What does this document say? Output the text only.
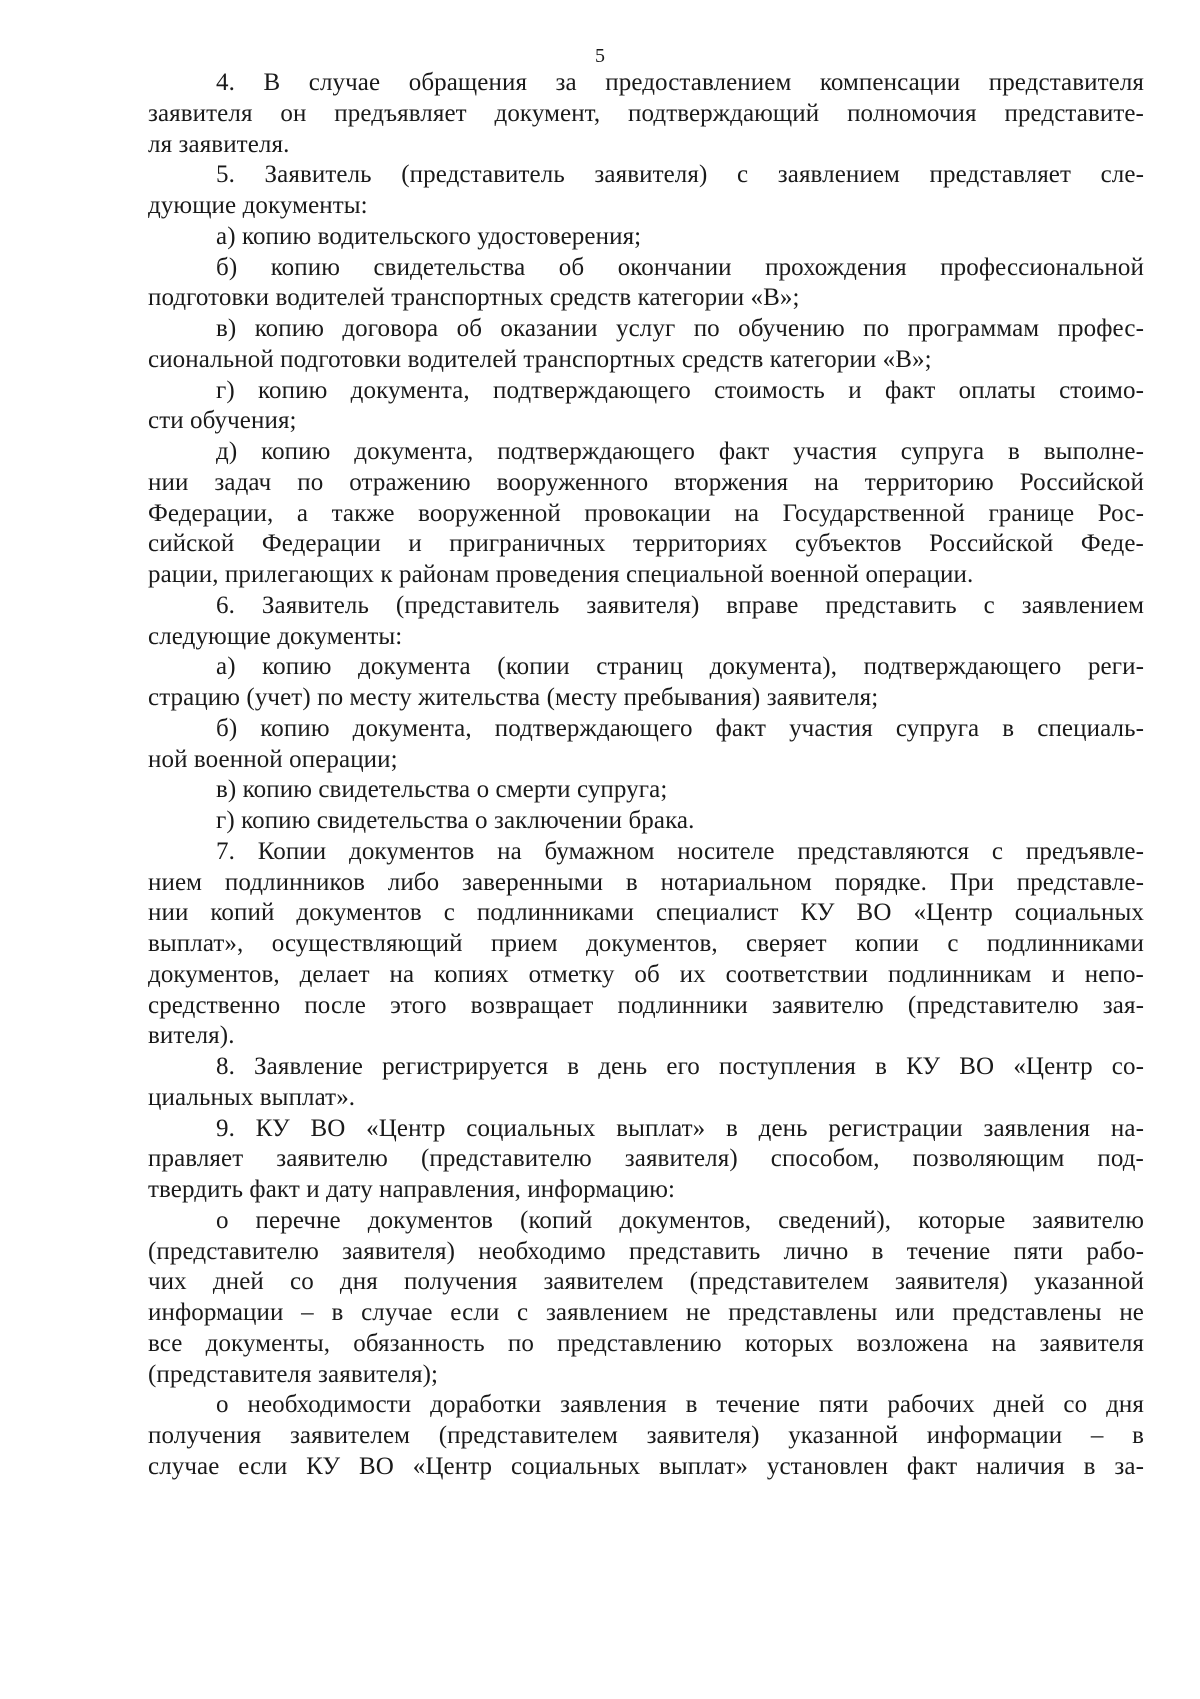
5
4. В случае обращения за предоставлением компенсации представителя
заявителя он предъявляет документ, подтверждающий полномочия представите-
ля заявителя.
5. Заявитель (представитель заявителя) с заявлением представляет сле-
дующие документы:
а) копию водительского удостоверения;
б) копию свидетельства об окончании прохождения профессиональной
подготовки водителей транспортных средств категории «В»;
в) копию договора об оказании услуг по обучению по программам профес-
сиональной подготовки водителей транспортных средств категории «В»;
г) копию документа, подтверждающего стоимость и факт оплаты стоимо-
сти обучения;
д) копию документа, подтверждающего факт участия супруга в выполне-
нии задач по отражению вооруженного вторжения на территорию Российской
Федерации, а также вооруженной провокации на Государственной границе Рос-
сийской Федерации и приграничных территориях субъектов Российской Феде-
рации, прилегающих к районам проведения специальной военной операции.
6. Заявитель (представитель заявителя) вправе представить с заявлением
следующие документы:
а) копию документа (копии страниц документа), подтверждающего реги-
страцию (учет) по месту жительства (месту пребывания) заявителя;
б) копию документа, подтверждающего факт участия супруга в специаль-
ной военной операции;
в) копию свидетельства о смерти супруга;
г) копию свидетельства о заключении брака.
7. Копии документов на бумажном носителе представляются с предъявле-
нием подлинников либо заверенными в нотариальном порядке. При представле-
нии копий документов с подлинниками специалист КУ ВО «Центр социальных
выплат», осуществляющий прием документов, сверяет копии с подлинниками
документов, делает на копиях отметку об их соответствии подлинникам и непо-
средственно после этого возвращает подлинники заявителю (представителю зая-
вителя).
8. Заявление регистрируется в день его поступления в КУ ВО «Центр со-
циальных выплат».
9. КУ ВО «Центр социальных выплат» в день регистрации заявления на-
правляет заявителю (представителю заявителя) способом, позволяющим под-
твердить факт и дату направления, информацию:
о перечне документов (копий документов, сведений), которые заявителю
(представителю заявителя) необходимо представить лично в течение пяти рабо-
чих дней со дня получения заявителем (представителем заявителя) указанной
информации – в случае если с заявлением не представлены или представлены не
все документы, обязанность по представлению которых возложена на заявителя
(представителя заявителя);
о необходимости доработки заявления в течение пяти рабочих дней со дня
получения заявителем (представителем заявителя) указанной информации – в
случае если КУ ВО «Центр социальных выплат» установлен факт наличия в за-
